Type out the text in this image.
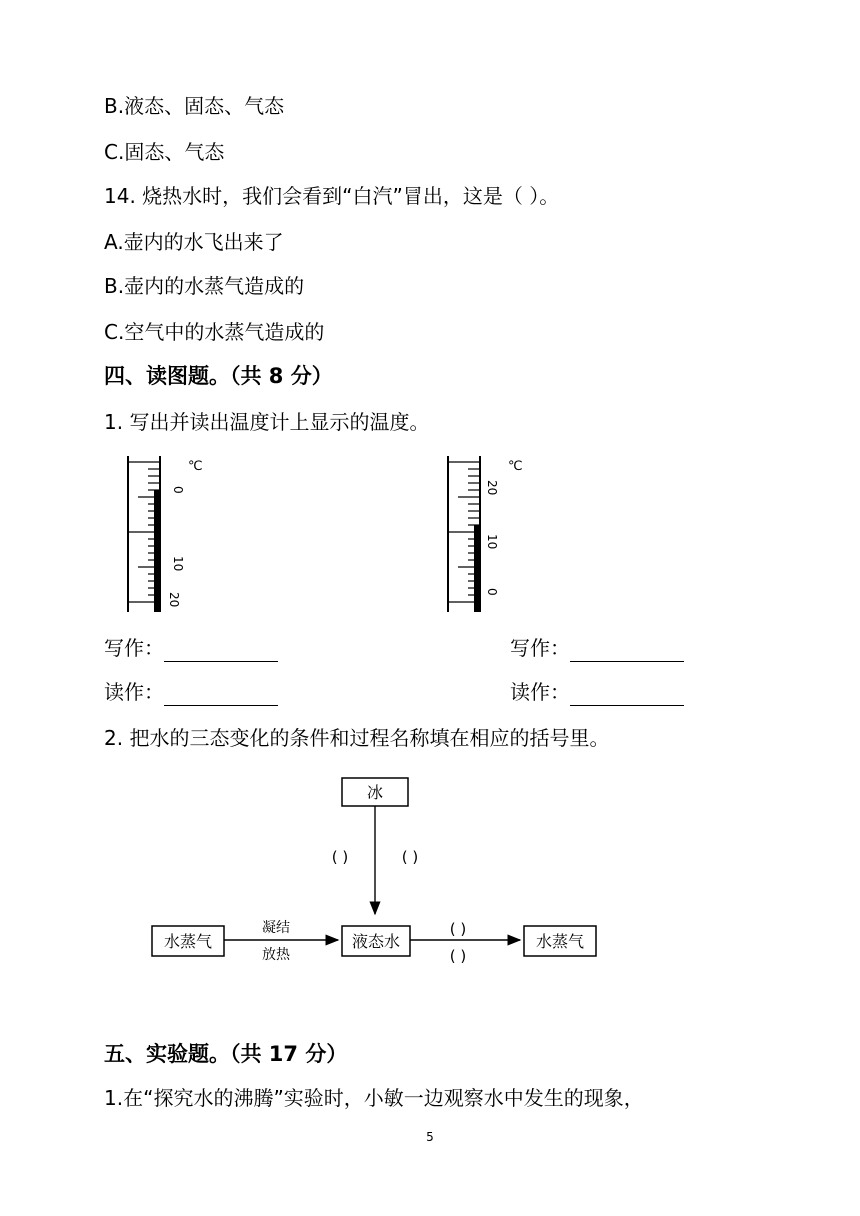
B.液态、固态、气态
C.固态、气态
14. 烧热水时，我们会看到“白汽”冒出，这是（ ）。
A.壶内的水飞出来了
B.壶内的水蒸气造成的
C.空气中的水蒸气造成的
四、读图题。（共 8 分）
1. 写出并读出温度计上显示的温度。
0
10
20
℃
20
10
0
℃
写作：	写作：
读作：	读作：
2. 把水的三态变化的条件和过程名称填在相应的括号里。
冰
( )	( )
水蒸气
凝结
放热
液态水
( )
( )
水蒸气
五、实验题。（共 17 分）
1.在“探究水的沸腾”实验时，小敏一边观察水中发生的现象，
5
